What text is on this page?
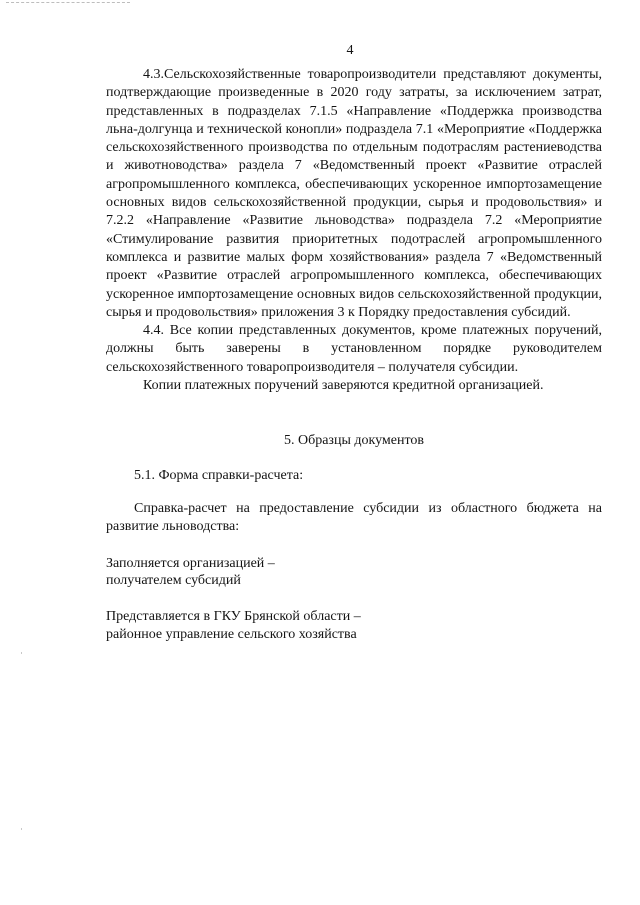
4

4.3.Сельскохозяйственные товаропроизводители представляют документы, подтверждающие произведенные в 2020 году затраты, за исключением затрат, представленных в подразделах 7.1.5 «Направление «Поддержка производства льна-долгунца и технической конопли» подраздела 7.1 «Мероприятие «Поддержка сельскохозяйственного производства по отдельным подотраслям растениеводства и животноводства» раздела 7 «Ведомственный проект «Развитие отраслей агропромышленного комплекса, обеспечивающих ускоренное импортозамещение основных видов сельскохозяйственной продукции, сырья и продовольствия» и 7.2.2 «Направление «Развитие льноводства» подраздела 7.2 «Мероприятие «Стимулирование развития приоритетных подотраслей агропромышленного комплекса и развитие малых форм хозяйствования» раздела 7 «Ведомственный проект «Развитие отраслей агропромышленного комплекса, обеспечивающих ускоренное импортозамещение основных видов сельскохозяйственной продукции, сырья и продовольствия» приложения 3 к Порядку предоставления субсидий.

4.4. Все копии представленных документов, кроме платежных поручений, должны быть заверены в установленном порядке руководителем сельскохозяйственного товаропроизводителя – получателя субсидии.

Копии платежных поручений заверяются кредитной организацией.

5. Образцы документов

5.1. Форма справки-расчета:

Справка-расчет на предоставление субсидии из областного бюджета на развитие льноводства:

Заполняется организацией –

получателем субсидий

Представляется в ГКУ Брянской области –

районное управление сельского хозяйства
